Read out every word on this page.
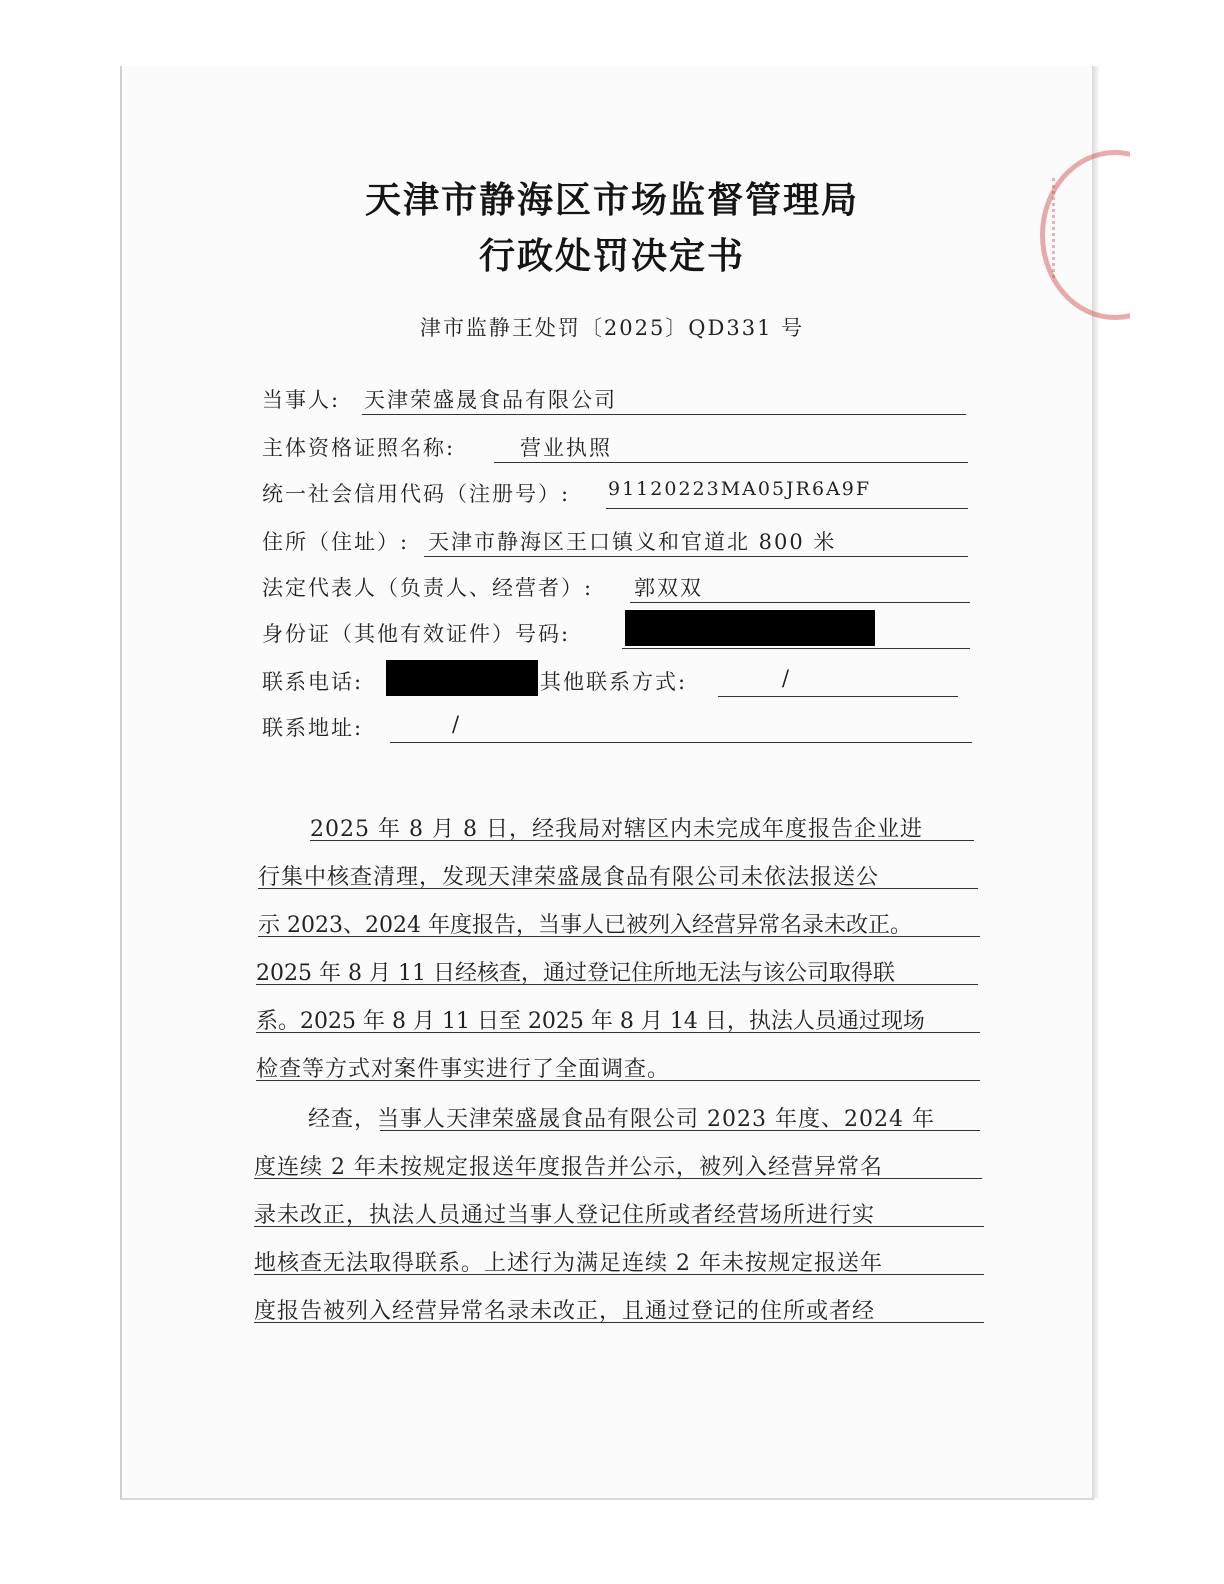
天津市静海区市场监督管理局
行政处罚决定书
津市监静王处罚〔2025〕QD331 号
当事人: 天津荣盛晟食品有限公司
主体资格证照名称:	营业执照
统一社会信用代码（注册号）: 91120223MA05JR6A9F
住所（住址）: 天津市静海区王口镇义和官道北 800 米
法定代表人（负责人、经营者）: 郭双双
身份证（其他有效证件）号码:
联系电话:	其他联系方式:	/
联系地址:	/
2025 年 8 月 8 日，经我局对辖区内未完成年度报告企业进
行集中核查清理，发现天津荣盛晟食品有限公司未依法报送公
示 2023、2024 年度报告，当事人已被列入经营异常名录未改正。
2025 年 8 月 11 日经核查，通过登记住所地无法与该公司取得联
系。2025 年 8 月 11 日至 2025 年 8 月 14 日，执法人员通过现场
检查等方式对案件事实进行了全面调查。
经查，当事人天津荣盛晟食品有限公司 2023 年度、2024 年
度连续 2 年未按规定报送年度报告并公示，被列入经营异常名
录未改正，执法人员通过当事人登记住所或者经营场所进行实
地核查无法取得联系。上述行为满足连续 2 年未按规定报送年
度报告被列入经营异常名录未改正，且通过登记的住所或者经
